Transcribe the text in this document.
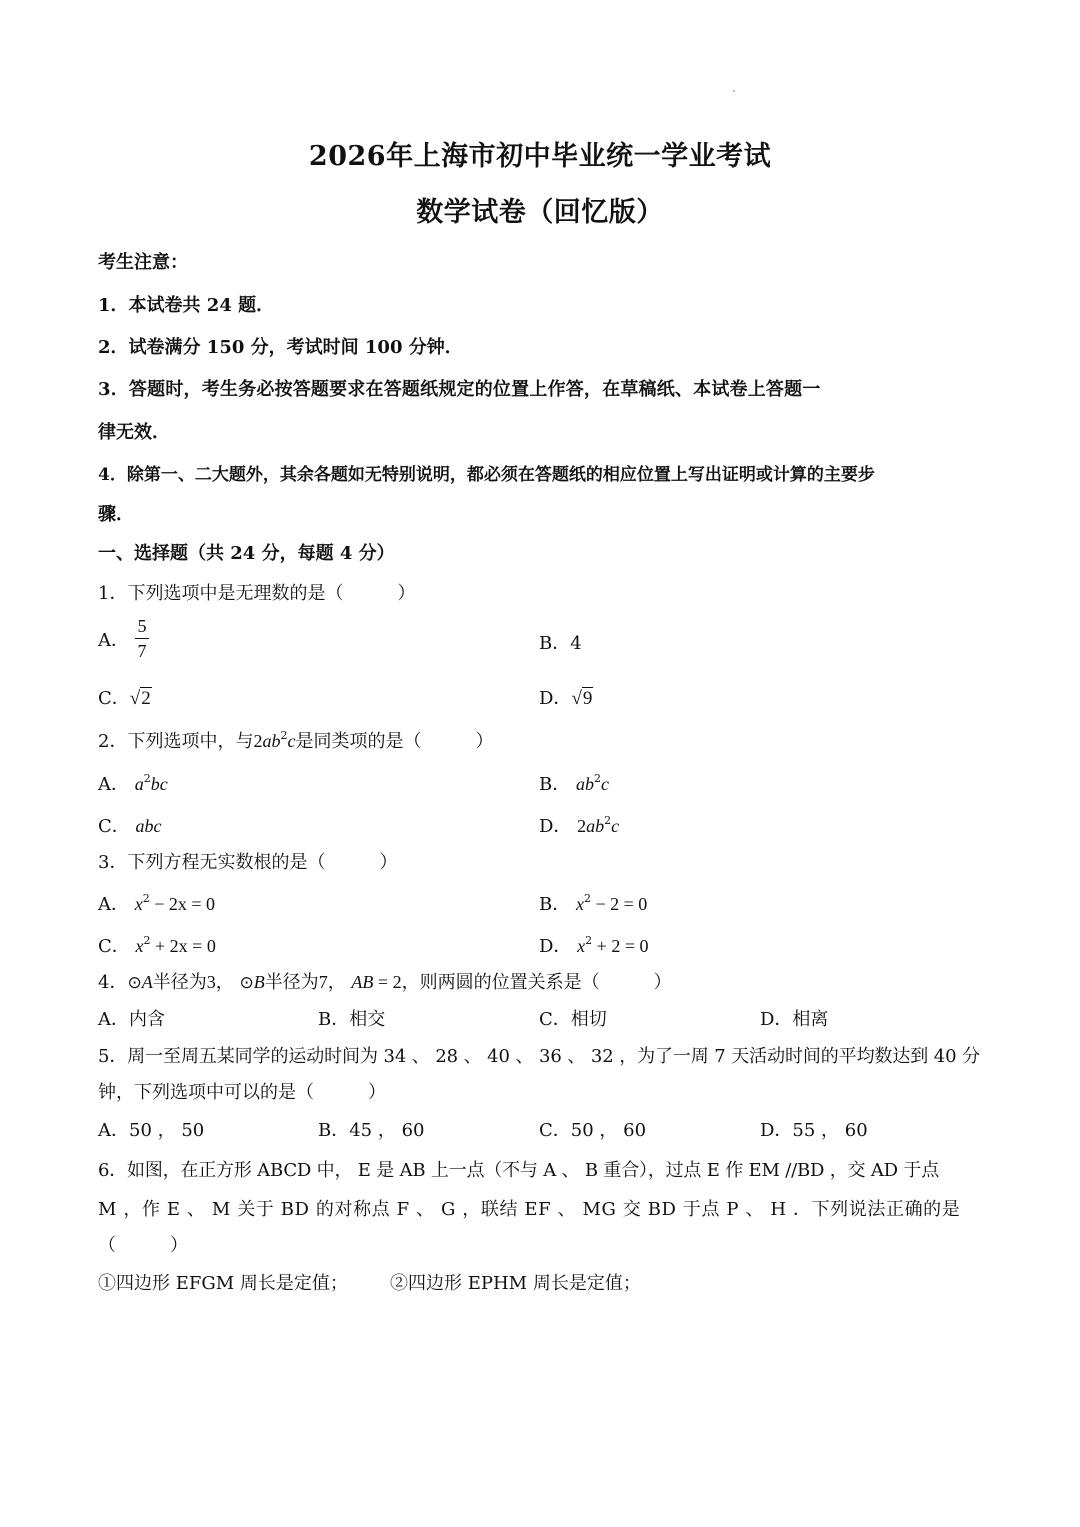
2026年上海市初中毕业统一学业考试
数学试卷（回忆版）
考生注意：
1．本试卷共 24 题．
2．试卷满分 150 分，考试时间 100 分钟．
3．答题时，考生务必按答题要求在答题纸规定的位置上作答，在草稿纸、本试卷上答题一
律无效．
4．除第一、二大题外，其余各题如无特别说明，都必须在答题纸的相应位置上写出证明或计算的主要步
骤．
一、选择题（共 24 分，每题 4 分）
1．下列选项中是无理数的是（　　　）
A． $\frac{5}{7}$	B．4
C．√2	D．√9
2．下列选项中，与$2ab^2c$是同类项的是（　　　）
A． $a^2bc$	B． $ab^2c$
C． abc	D． $2ab^2c$
3．下列方程无实数根的是（　　　）
A． $x^2 - 2x = 0$	B． $x^2 - 2 = 0$
C． $x^2 + 2x = 0$	D． $x^2 + 2 = 0$
4．⊙A半径为3， ⊙B半径为7， AB = 2，则两圆的位置关系是（　　　）
A．内含	B．相交	C．相切	D．相离
5．周一至周五某同学的运动时间为 34 、 28 、 40 、 36 、 32 ，为了一周 7 天活动时间的平均数达到 40 分
钟，下列选项中可以的是（　　　）
A．50 ， 50	B．45 ， 60	C．50 ， 60	D．55 ， 60
6．如图，在正方形 ABCD 中， E 是 AB 上一点（不与 A 、 B 重合），过点 E 作 EM //BD ，交 AD 于点
M ，作 E 、 M 关于 BD 的对称点 F 、 G ，联结 EF 、 MG 交 BD 于点 P 、 H ．下列说法正确的是
（　　　）
①四边形 EFGM 周长是定值； ②四边形 EPHM 周长是定值；
